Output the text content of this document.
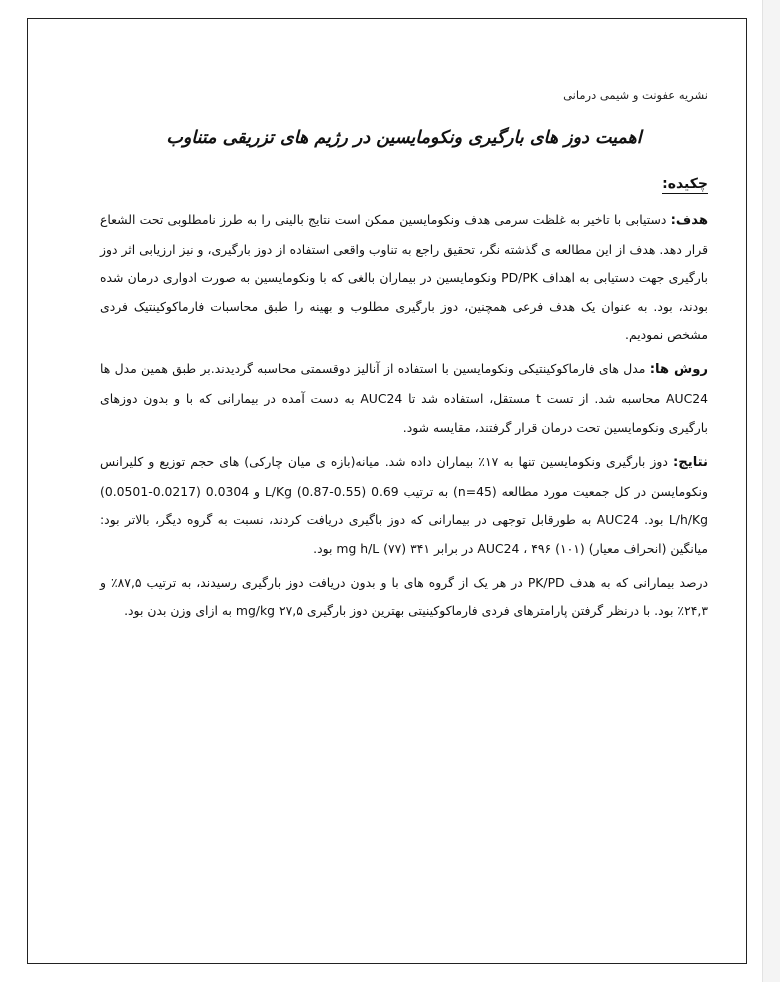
نشریه عفونت و شیمی درمانی
اهمیت دوز های بارگیری ونکومایسین در رژیم های تزریقی متناوب
چکیده:

هدف: دستیابی با تاخیر به غلظت سرمی هدف ونکومایسین ممکن است نتایج بالینی را به طرز نامطلوبی تحت الشعاع قرار دهد. هدف از این مطالعه ی گذشته نگر، تحقیق راجع به تناوب واقعی استفاده از دوز بارگیری، و نیز ارزیابی اثر دوز بارگیری جهت دستیابی به اهداف PD/PK ونکومایسین در بیماران بالغی که با ونکومایسین به صورت ادواری درمان شده بودند، بود. به عنوان یک هدف فرعی همچنین، دوز بارگیری مطلوب و بهینه را طبق محاسبات فارماکوکینتیک فردی مشخص نمودیم.

روش ها: مدل های فارماکوکینتیکی ونکومایسین با استفاده از آنالیز دوقسمتی محاسبه گردیدند.بر طبق همین مدل ها AUC24 محاسبه شد. از تست t مستقل، استفاده شد تا AUC24 به دست آمده در بیمارانی که با و بدون دوزهای بارگیری ونکومایسین تحت درمان قرار گرفتند، مقایسه شود.

نتایج: دوز بارگیری ونکومایسین تنها به ۱۷٪ بیماران داده شد. میانه(بازه ی میان چارکی) های حجم توزیع و کلیرانس ونکومایسن در کل جمعیت مورد مطالعه (n=45) به ترتیب 0.69 (0.55-0.87) L/Kg و 0.0304 (0.0217-0.0501) L/h/Kg بود. AUC24 به طورقابل توجهی در بیمارانی که دوز باگیری دریافت کردند، نسبت به گروه دیگر، بالاتر بود: میانگین (انحراف معیار) AUC24 ، ۴۹۶ (۱۰۱) در برابر ۳۴۱ (۷۷) mg h/L بود.

درصد بیمارانی که به هدف PK/PD در هر یک از گروه های با و بدون دریافت دوز بارگیری رسیدند، به ترتیب ۸۷,۵٪ و ۲۴,۳٪ بود. با درنظر گرفتن پارامترهای فردی فارماکوکینیتی بهترین دوز بارگیری ۲۷,۵ mg/kg به ازای وزن بدن بود.
